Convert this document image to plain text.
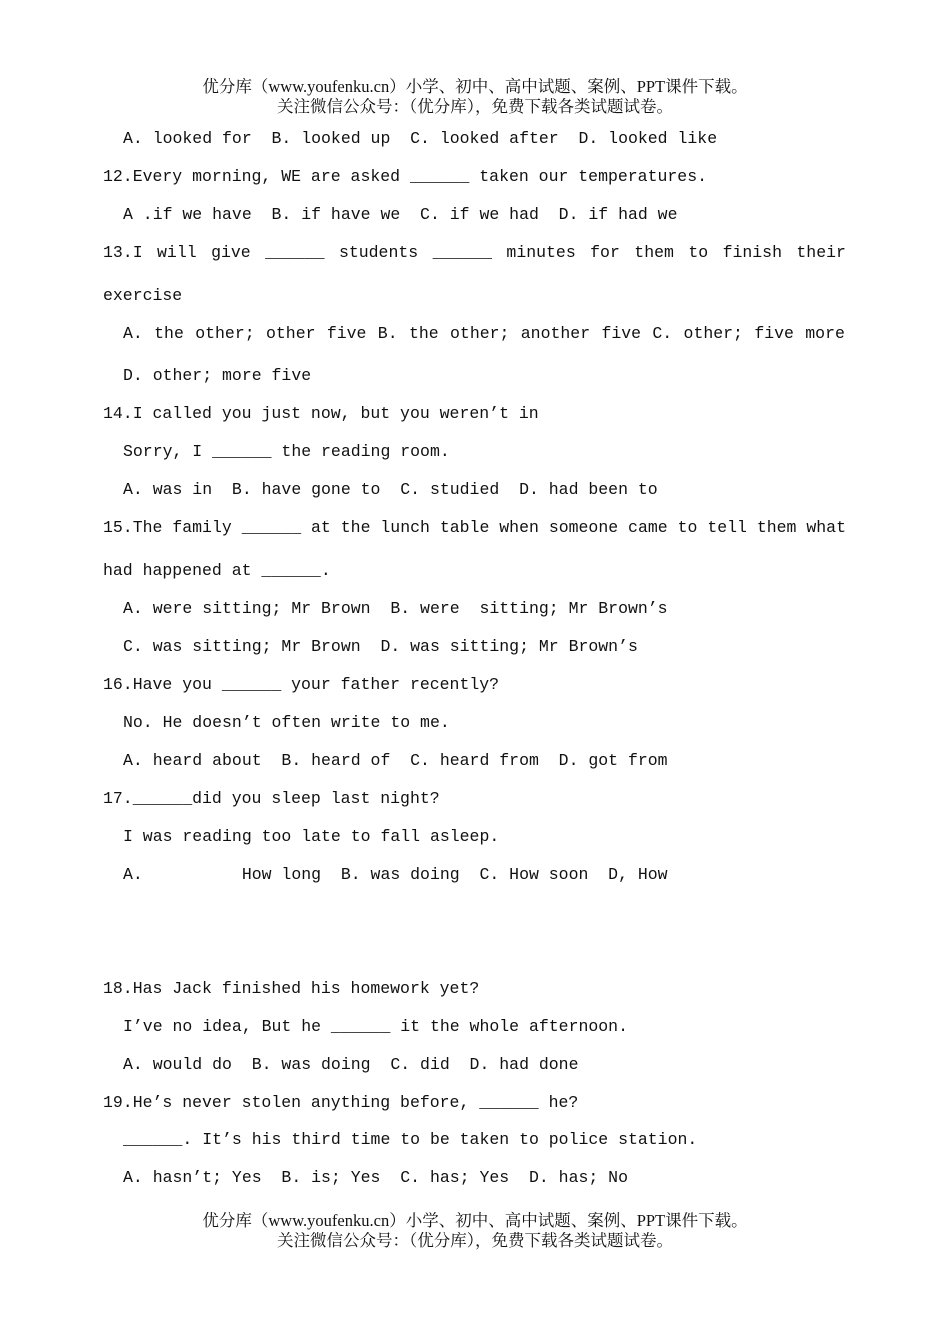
优分库（www.youfenku.cn）小学、初中、高中试题、案例、PPT课件下载。
关注微信公众号：（优分库），免费下载各类试题试卷。
A. looked for  B. looked up  C. looked after  D. looked like
12.Every morning, WE are asked ______ taken our temperatures.
A .if we have  B. if have we  C. if we had  D. if had we
13.I will give ______ students ______ minutes for them to finish their
exercise
A. the other; other five B. the other; another five C. other; five more
D. other; more five
14.I called you just now, but you weren’t in
Sorry, I ______ the reading room.
A. was in  B. have gone to  C. studied  D. had been to
15.The family ______ at the lunch table when someone came to tell them what
had happened at ______.
A. were sitting; Mr Brown  B. were  sitting; Mr Brown’s
C. was sitting; Mr Brown  D. was sitting; Mr Brown’s
16.Have you ______ your father recently?
No. He doesn’t often write to me.
A. heard about  B. heard of  C. heard from  D. got from
17.______did you sleep last night?
I was reading too late to fall asleep.
A.          How long  B. was doing  C. How soon  D, How
18.Has Jack finished his homework yet?
I’ve no idea, But he ______ it the whole afternoon.
A. would do  B. was doing  C. did  D. had done
19.He’s never stolen anything before, ______ he?
______. It’s his third time to be taken to police station.
A. hasn’t; Yes  B. is; Yes  C. has; Yes  D. has; No
优分库（www.youfenku.cn）小学、初中、高中试题、案例、PPT课件下载。
关注微信公众号：（优分库），免费下载各类试题试卷。
